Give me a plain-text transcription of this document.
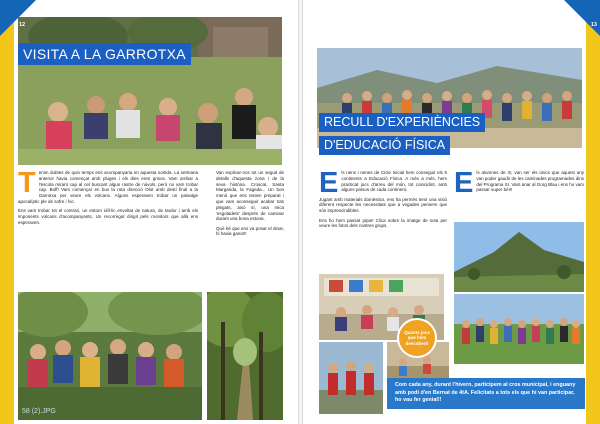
12
VISITA A LA GARROTXA

Tenim dubtes de quin temps ens acompanyaria en aquesta sortida. La setmana anterior havia començat amb pluges i els dies eren grisos. Vam arribar a l'escola mirant cap al cel buscant algun rastre de núvols, però no vam trobar cap. Buff! Vam començar en bus la ruta direcció Olot amb destí final a la Garrotxa per veure els volcans. Alguns esperaven trobar un paisatge apocalíptic ple de sofre i foc.

Ens vam trobar tot el contrari, un entorn idíl·lic envoltat de natura, de tardor i amb els imponents volcans d'acompanyants. Un recorregut dirigit pels monitors que allà ens esperaven.

Van explicar-nos tot un seguit de detalls d'aquesta zona i de la seva història. Croscat, Santa Margarida, la Fageda... Un bon menú que ens tenien preparat i que vam aconseguir acabar tots plegats, això sí, una mica 'esgotadets' després de caminar durant una bona estona.

Què bé que ens va posar el dinar, hi havia gana!!!

58 (2).JPG
13
RECULL D'EXPERIÈNCIES
D'EDUCACIÓ FÍSICA

Els nens i nenes de Cicle Inicial hem conseguit els 5 continents a Educació Física. A més a més, hem practicat jocs d'arreu del món, tot coincidint, amb alguns països de cada continent.

Jugant amb materials domèstics, ens ha permès tenir una visió diferent respecte les necessitats que a vegades pensem que són imprescindibles.

Ens ho hem passat pipa!! Clica sobre la imatge de sota per veure les fotos dels nostres grups.

Els alumnes de 3r, van ser els únics que aquest any van poder gaudir de les caminades programades dins del Programa SI. Vam anar al Gorg Blau i ens ho vam passar super bé!!!

Quants jocs que hem descobert!
Com cada any, durant l'hivern, participem al cros municipal, i enguany amb podi d'en Bernat de 4tA. Felicitats a tots els que hi van participar, ho vau fer genial!!
